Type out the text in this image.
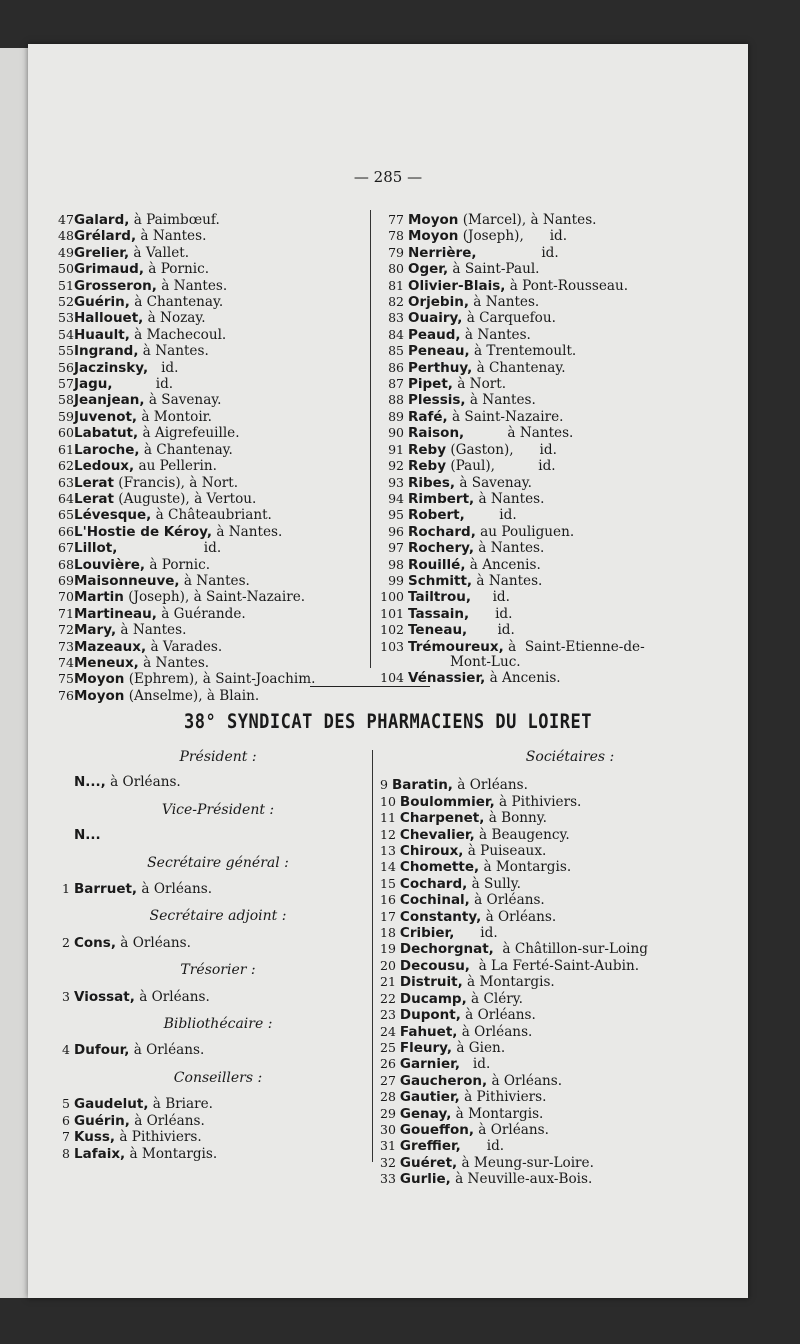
— 285 —
47Galard, à Paimbœuf.
48Grélard, à Nantes.
49Grelier, à Vallet.
50Grimaud, à Pornic.
51Grosseron, à Nantes.
52Guérin, à Chantenay.
53Hallouet, à Nozay.
54Huault, à Machecoul.
55Ingrand, à Nantes.
56Jaczinsky,   id.
57Jagu,          id.
58Jeanjean, à Savenay.
59Juvenot, à Montoir.
60Labatut, à Aigrefeuille.
61Laroche, à Chantenay.
62Ledoux, au Pellerin.
63Lerat (Francis), à Nort.
64Lerat (Auguste), à Vertou.
65Lévesque, à Châteaubriant.
66L'Hostie de Kéroy, à Nantes.
67Lillot,                    id.
68Louvière, à Pornic.
69Maisonneuve, à Nantes.
70Martin (Joseph), à Saint-Nazaire.
71Martineau, à Guérande.
72Mary, à Nantes.
73Mazeaux, à Varades.
74Meneux, à Nantes.
75Moyon (Ephrem), à Saint-Joachim.
76Moyon (Anselme), à Blain.
77 Moyon (Marcel), à Nantes.
78 Moyon (Joseph),      id.
79 Nerrière,               id.
80 Oger, à Saint-Paul.
81 Olivier-Blais, à Pont-Rousseau.
82 Orjebin, à Nantes.
83 Ouairy, à Carquefou.
84 Peaud, à Nantes.
85 Peneau, à Trentemoult.
86 Perthuy, à Chantenay.
87 Pipet, à Nort.
88 Plessis, à Nantes.
89 Rafé, à Saint-Nazaire.
90 Raison,          à Nantes.
91 Reby (Gaston),      id.
92 Reby (Paul),          id.
93 Ribes, à Savenay.
94 Rimbert, à Nantes.
95 Robert,        id.
96 Rochard, au Pouliguen.
97 Rochery, à Nantes.
98 Rouillé, à Ancenis.
99 Schmitt, à Nantes.
100 Tailtrou,     id.
101 Tassain,      id.
102 Teneau,       id.
103 Trémoureux, à  Saint-Etienne-de-
Mont-Luc.
104 Vénassier, à Ancenis.
38° SYNDICAT DES PHARMACIENS DU LOIRET
Président :
N..., à Orléans.
Vice-Président :
N...
Secrétaire général :
1 Barruet, à Orléans.
Secrétaire adjoint :
2 Cons, à Orléans.
Trésorier :
3 Viossat, à Orléans.
Bibliothécaire :
4 Dufour, à Orléans.
Conseillers :
5 Gaudelut, à Briare.
6 Guérin, à Orléans.
7 Kuss, à Pithiviers.
8 Lafaix, à Montargis.
Sociétaires :
9 Baratin, à Orléans.
10 Boulommier, à Pithiviers.
11 Charpenet, à Bonny.
12 Chevalier, à Beaugency.
13 Chiroux, à Puiseaux.
14 Chomette, à Montargis.
15 Cochard, à Sully.
16 Cochinal, à Orléans.
17 Constanty, à Orléans.
18 Cribier,      id.
19 Dechorgnat,  à Châtillon-sur-Loing
20 Decousu,  à La Ferté-Saint-Aubin.
21 Distruit, à Montargis.
22 Ducamp, à Cléry.
23 Dupont, à Orléans.
24 Fahuet, à Orléans.
25 Fleury, à Gien.
26 Garnier,   id.
27 Gaucheron, à Orléans.
28 Gautier, à Pithiviers.
29 Genay, à Montargis.
30 Goueffon, à Orléans.
31 Greffier,      id.
32 Guéret, à Meung-sur-Loire.
33 Gurlie, à Neuville-aux-Bois.
